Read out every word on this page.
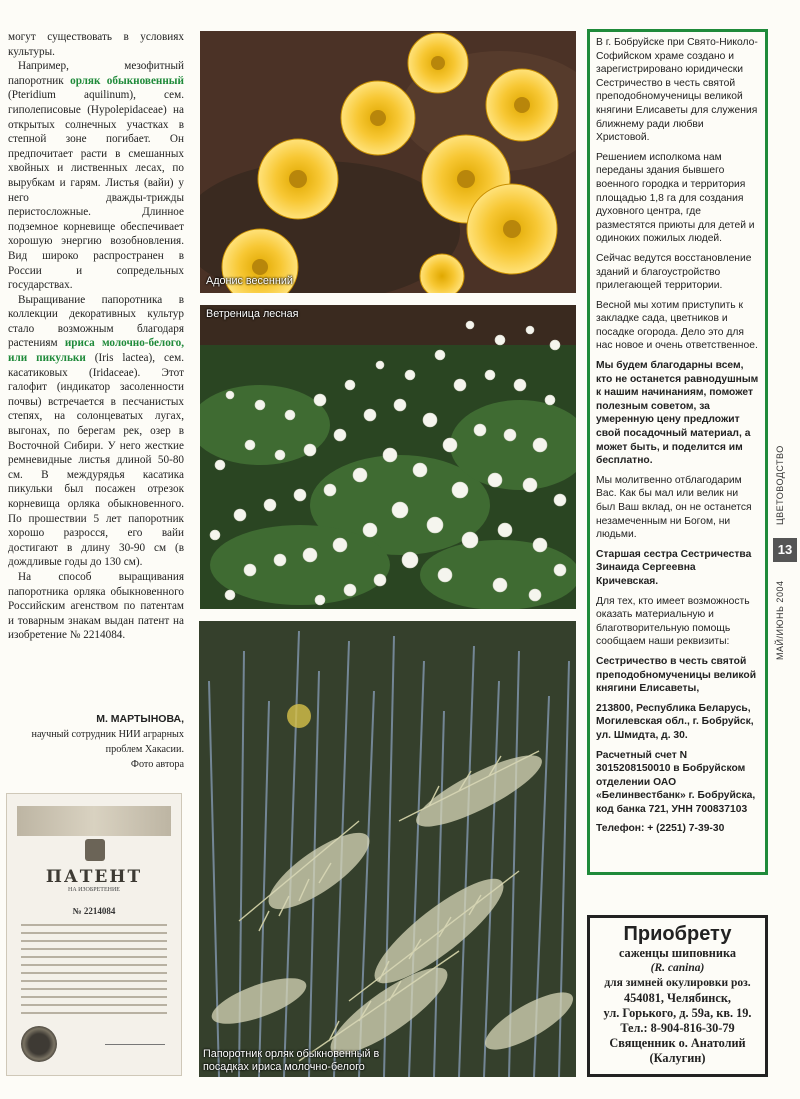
могут существовать в условиях культуры.

Например, мезофитный папоротник орляк обыкновенный (Pteridium aquilinum), сем. гиполеписовые (Hypolepidaceae) на открытых солнечных участках в степной зоне погибает. Он предпочитает расти в смешанных хвойных и лиственных лесах, по вырубкам и гарям. Листья (вайи) у него дважды-трижды перистосложные. Длинное подземное корневище обеспечивает хорошую энергию возобновления. Вид широко распространен в России и сопредельных государствах.

Выращивание папоротника в коллекции декоративных культур стало возможным благодаря растениям ириса молочно-белого, или пикульки (Iris lactea), сем. касатиковых (Iridaceae). Этот галофит (индикатор засоленности почвы) встречается в песчанистых степях, на солонцеватых лугах, выгонах, по берегам рек, озер в Восточной Сибири. У него жесткие ремневидные листья длиной 50-80 см. В междурядья касатика пикульки был посажен отрезок корневища орляка обыкновенного. По прошествии 5 лет папоротник хорошо разросся, его вайи достигают в длину 30-90 см (в дождливые годы до 130 см).

На способ выращивания папоротника орляка обыкновенного Российским агенством по патентам и товарным знакам выдан патент на изобретение № 2214084.

М. МАРТЫНОВА,
научный сотрудник НИИ аграрных проблем Хакасии.
Фото автора
ПАТЕНТ
НА ИЗОБРЕТЕНИЕ
№ 2214084
Адонис весенний
Ветреница лесная
Папоротник орляк обыкновенный в
посадках ириса молочно-белого

В г. Бобруйске при Свято-Николо-Софийском храме создано и зарегистрировано юридически Сестричество в честь святой преподобномученицы великой княгини Елисаветы для служения ближнему ради любви Христовой.

Решением исполкома нам переданы здания бывшего военного городка и территория площадью 1,8 га для создания духовного центра, где разместятся приюты для детей и одиноких пожилых людей.

Сейчас ведутся восстановление зданий и благоустройство прилегающей территории.

Весной мы хотим приступить к закладке сада, цветников и посадке огорода. Дело это для нас новое и очень ответственное.

Мы будем благодарны всем, кто не останется равнодушным к нашим начинаниям, поможет полезным советом, за умеренную цену предложит свой посадочный материал, а может быть, и поделится им бесплатно.

Мы молитвенно отблагодарим Вас. Как бы мал или велик ни был Ваш вклад, он не останется незамеченным ни Богом, ни людьми.

Старшая сестра Сестричества Зинаида Сергеевна Кричевская.

Для тех, кто имеет возможность оказать материальную и благотворительную помощь сообщаем наши реквизиты:

Сестричество в честь святой преподобномученицы великой княгини Елисаветы,

213800, Республика Беларусь, Могилевская обл., г. Бобруйск, ул. Шмидта, д. 30.

Расчетный счет N 3015208150010 в Бобруйском отделении ОАО «Белинвестбанк» г. Бобруйска, код банка 721, УНН 700837103

Телефон: + (2251) 7-39-30

Приобрету
саженцы шиповника
(R. canina)
для зимней окулировки роз.
454081, Челябинск,
ул. Горького, д. 59а, кв. 19.
Тел.: 8-904-816-30-79
Священник о. Анатолий
(Калугин)
ЦВЕТОВОДСТВО
13
МАЙ/ИЮНЬ 2004
